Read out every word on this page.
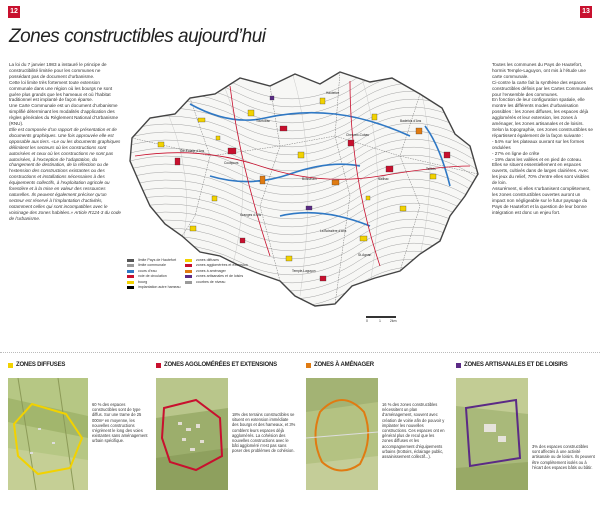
12	13
Zones constructibles aujourd’hui

La loi du 7 janvier 1983 a instauré le principe de constructibilité limitée pour les communes ne possédant pas de document d’urbanisme.

Cette loi limite très fortement toute extension communale dans une région où les bourgs ne sont guère plus grands que les hameaux et où l’habitat traditionnel est implanté de façon éparse.

Une Carte Communale est un document d’urbanisme simplifié déterminant les modalités d’application des règles générales du Règlement National d’Urbanisme (RNU).

Elle est composée d’un rapport de présentation et de documents graphiques. Une fois approuvée elle est opposable aux tiers. «Le ou les documents graphiques délimitent les secteurs où les constructions sont autorisées et ceux où les constructions ne sont pas autorisées, à l’exception de l’adaptation, du changement de destination, de la réfection ou de l’extension des constructions existantes ou des constructions et installations nécessaires à des équipements collectifs, à l’exploitation agricole ou forestière et à la mise en valeur des ressources naturelles. Ils peuvent également préciser qu’un secteur est réservé à l’implantation d’activités, notamment celles qui sont incompatibles avec le voisinage des zones habitées.» Article R124-3 du code de l’urbanisme.

Hautefort
Tourtoirac
Cherveix-Cubas
Badefols d’Ans
Nailhac
Teillots
Boisseuilh
Coubjours
Ste-Eulalie d’Ans
Granges d’Ans
La Boissière d’Ans
St-Agnan
Temple-Laguyon
limite Pays de Hautefort
limite communale
cours d’eau
voie de circulation
bourg
implantation autre hameau
zones diffuses
zones agglomérées et extension
zones à aménager
zones artisanales et de loisirs
courbes de niveau
0	1	2km

Toutes les communes du Pays de Hautefort, hormis Temple-Laguyon, ont mis à l’étude une carte communale.

Ci-contre la carte fait la synthèse des espaces constructibles définis par les Cartes Communales pour l’ensemble des communes.

En fonction de leur configuration spatiale, elle montre les différents modes d’urbanisation possibles : les zones diffuses, les espaces déjà agglomérés et leur extension, les zones à aménager, les zones artisanales et de loisirs.

Selon la topographie, ces zones constructibles se répartissent également de la façon suivante :

- 54% sur les plateaux ouvrant sur les formes ondulées

- 27% en ligne de crête

- 19% dans les vallées et en pied de coteau.

Elles se situent essentiellement en espaces ouverts, cultivés dans de larges clairières. Avec les jeux du relief, 70% d’entre elles sont visibles de loin.

Assurément, si elles s’urbanisent complètement, les zones constructibles ouvertes auront un impact non négligeable sur le futur paysage du Pays de Hautefort et la question de leur bonne intégration est donc un enjeu fort.

ZONES DIFFUSES
60 % des espaces constructibles sont de type diffus. Sur une trame de 25 000m² en moyenne, les nouvelles constructions s’égrènent le long des voies existantes sans aménagement urbain spécifique.
ZONES AGGLOMÉRÉES ET EXTENSIONS
18% des terrains constructibles se situent en extension immédiate des bourgs et des hameaux, et 3% comblent leurs espaces déjà agglomérés. La cohésion des nouvelles constructions avec le bâti aggloméré n’est pas sans poser des problèmes de cohésion.
ZONES À AMÉNAGER
16 % des zones constructibles nécessitent un plan d’aménagement, souvent avec création de voirie afin de pouvoir y implanter les nouvelles constructions. Ces espaces ont en général plus de recul que les zones diffuses et les accompagnement d’équipements urbains (trottoirs, éclairage public, assainissement collectif...).
ZONES ARTISANALES ET DE LOISIRS
3% des espaces constructibles sont affectés à une activité artisanale ou de loisirs. Ils peuvent être complètement isolés ou à l’écart des espaces bâtis ou bâtir.
